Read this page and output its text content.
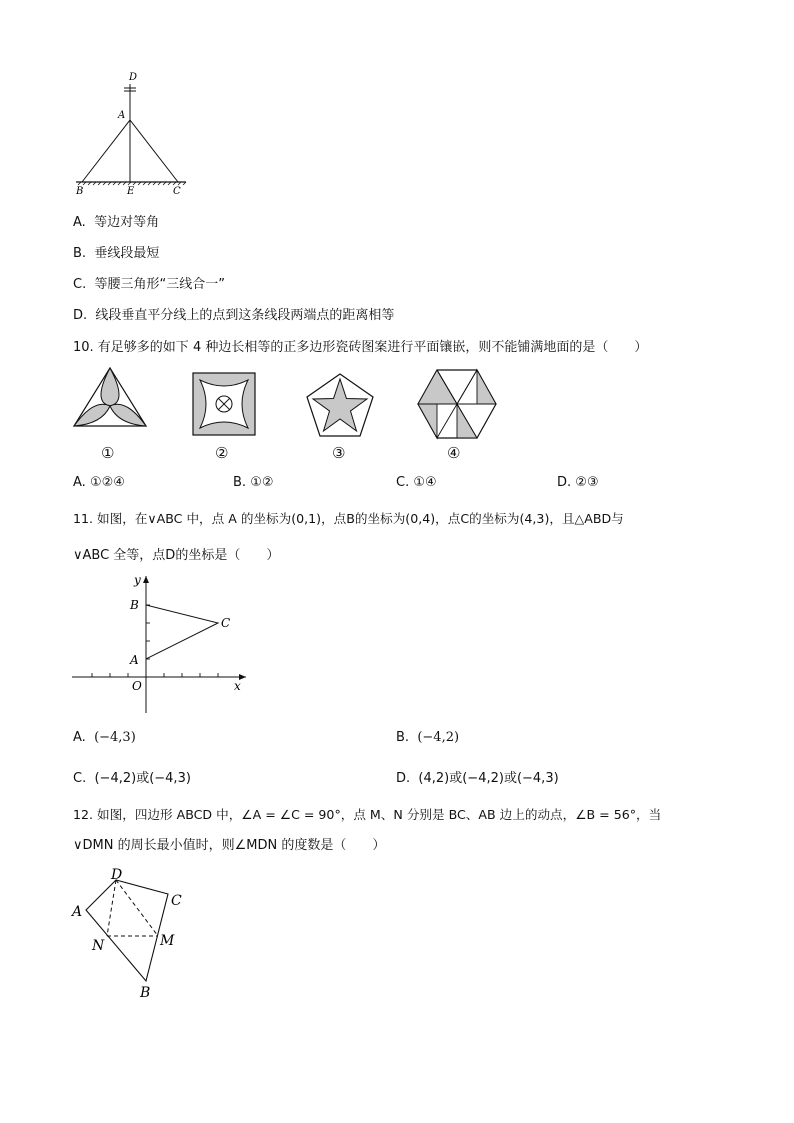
D
A
B	E	C
A. 等边对等角
B. 垂线段最短
C. 等腰三角形“三线合一”
D. 线段垂直平分线上的点到这条线段两端点的距离相等
10. 有足够多的如下 4 种边长相等的正多边形瓷砖图案进行平面镶嵌，则不能铺满地面的是（　　）
①	②	③	④
A. ①②④	B. ①②	C. ①④	D. ②③
11. 如图，在∨ABC 中，点 A 的坐标为(0,1)，点B的坐标为(0,4)，点C的坐标为(4,3)，且△ABD与
∨ABC 全等，点D的坐标是（　　）
y
x
O
A
B
C
A. (−4,3)	B. (−4,2)
C. (−4,2)或(−4,3)	D. (4,2)或(−4,2)或(−4,3)
12. 如图，四边形 ABCD 中，∠A = ∠C = 90°，点 M、N 分别是 BC、AB 边上的动点，∠B = 56°，当
∨DMN 的周长最小值时，则∠MDN 的度数是（　　）
D
A
C
N	M
B
